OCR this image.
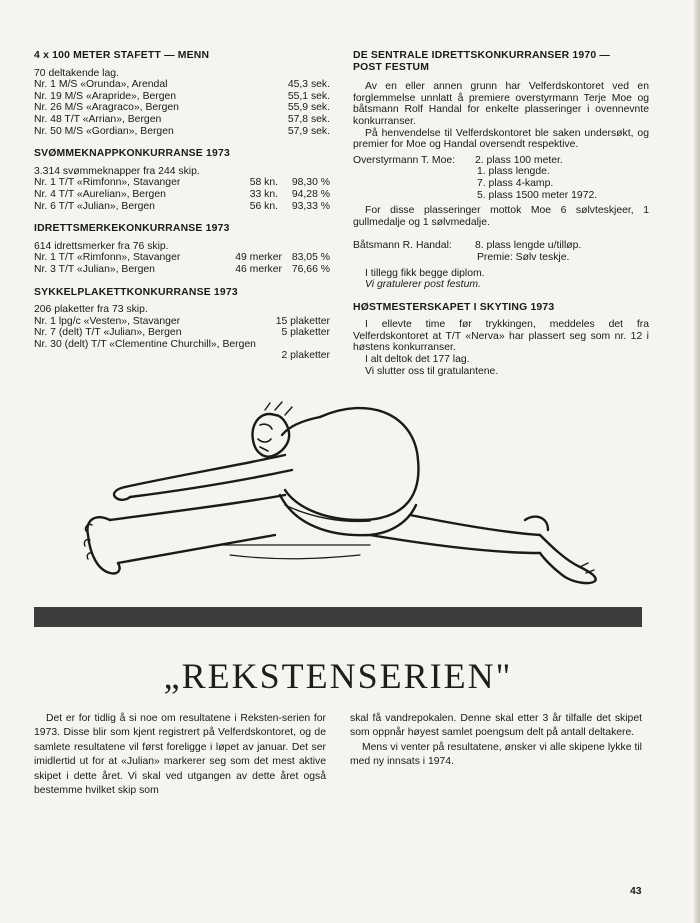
4 x 100 METER STAFETT — MENN
70 deltakende lag.
Nr. 1 M/S «Orunda», Arendal	45,3 sek.
Nr. 19 M/S «Arapride», Bergen	55,1 sek.
Nr. 26 M/S «Aragraco», Bergen	55,9 sek.
Nr. 48 T/T «Arrian», Bergen	57,8 sek.
Nr. 50 M/S «Gordian», Bergen	57,9 sek.
SVØMMEKNAPPKONKURRANSE 1973
3.314 svømmeknapper fra 244 skip.
Nr. 1 T/T «Rimfonn», Stavanger	58 kn.	98,30 %
Nr. 4 T/T «Aurelian», Bergen	33 kn.	94,28 %
Nr. 6 T/T «Julian», Bergen	56 kn.	93,33 %
IDRETTSMERKEKONKURRANSE 1973
614 idrettsmerker fra 76 skip.
Nr. 1 T/T «Rimfonn», Stavanger	49 merker 83,05 %
Nr. 3 T/T «Julian», Bergen	46 merker 76,66 %
SYKKELPLAKETTKONKURRANSE 1973
206 plaketter fra 73 skip.
Nr. 1 lpg/c «Vesten», Stavanger	15 plaketter
Nr. 7 (delt) T/T «Julian», Bergen	5 plaketter
Nr. 30 (delt) T/T «Clementine Churchill», Bergen
2 plaketter
DE SENTRALE IDRETTSKONKURRANSER 1970 —
POST FESTUM

Av en eller annen grunn har Velferdskontoret ved en forglemmelse unnlatt å premiere overstyrmann Terje Moe og båtsmann Rolf Handal for enkelte plasseringer i ovennevnte konkurranser.

På henvendelse til Velferdskontoret ble saken undersøkt, og premier for Moe og Handal oversendt respektive.

Overstyrmann T. Moe:	2. plass 100 meter.
1. plass lengde.
7. plass 4-kamp.
5. plass 1500 meter 1972.

For disse plasseringer mottok Moe 6 sølvteskjeer, 1 gullmedalje og 1 sølvmedalje.

Båtsmann R. Handal:	8. plass lengde u/tilløp.
Premie: Sølv teskje.

I tillegg fikk begge diplom.

Vi gratulerer post festum.

HØSTMESTERSKAPET I SKYTING 1973

I ellevte time før trykkingen, meddeles det fra Velferdskontoret at T/T «Nerva» har plassert seg som nr. 12 i høstens konkurranser.

I alt deltok det 177 lag.

Vi slutter oss til gratulantene.

„REKSTENSERIEN"

Det er for tidlig å si noe om resultatene i Reksten-serien for 1973. Disse blir som kjent registrert på Velferdskontoret, og de samlete resultatene vil først foreligge i løpet av januar. Det ser imidlertid ut for at «Julian» markerer seg som det mest aktive skipet i dette året. Vi skal ved utgangen av dette året også bestemme hvilket skip som

skal få vandrepokalen. Denne skal etter 3 år tilfalle det skipet som oppnår høyest samlet poengsum delt på antall deltakere.

Mens vi venter på resultatene, ønsker vi alle skipene lykke til med ny innsats i 1974.

43
